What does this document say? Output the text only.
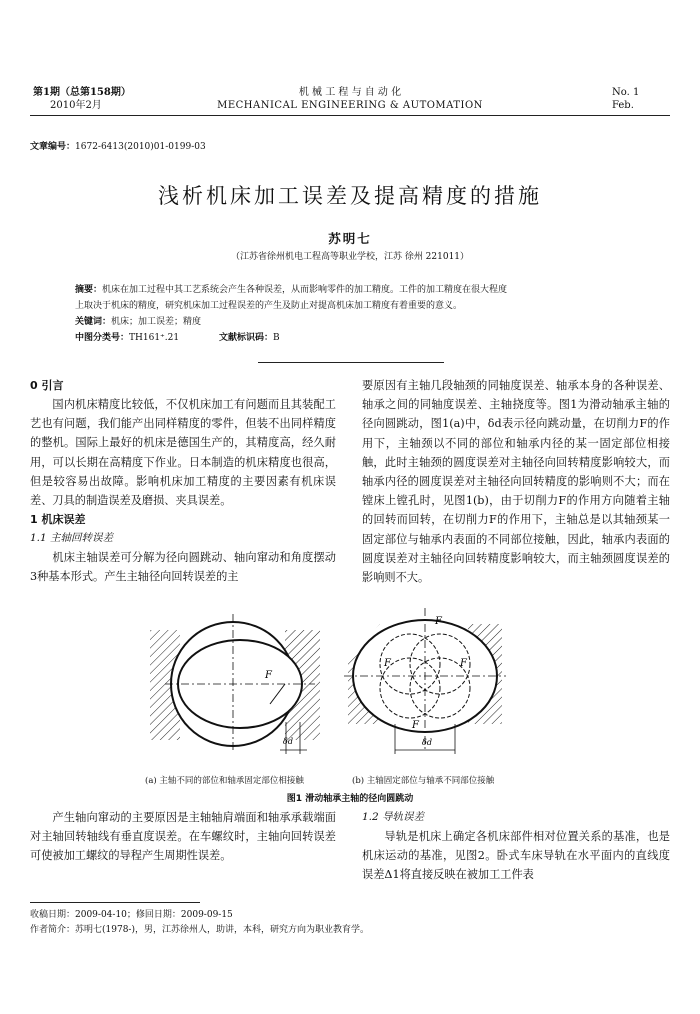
第1期（总第158期）
2010年2月
机 械 工 程 与 自 动 化
MECHANICAL ENGINEERING & AUTOMATION
No. 1
Feb.
文章编号：1672-6413(2010)01-0199-03
浅析机床加工误差及提高精度的措施
苏明七
（江苏省徐州机电工程高等职业学校，江苏 徐州 221011）
摘要：机床在加工过程中其工艺系统会产生各种误差，从而影响零件的加工精度。工件的加工精度在很大程度
上取决于机床的精度，研究机床加工过程误差的产生及防止对提高机床加工精度有着重要的意义。
关键词：机床；加工误差；精度
中图分类号：TH161⁺.21	文献标识码：B
0 引言

国内机床精度比较低，不仅机床加工有问题而且其装配工艺也有问题，我们能产出同样精度的零件，但装不出同样精度的整机。国际上最好的机床是德国生产的，其精度高，经久耐用，可以长期在高精度下作业。日本制造的机床精度也很高，但是较容易出故障。影响机床加工精度的主要因素有机床误差、刀具的制造误差及磨损、夹具误差。

1 机床误差
1.1 主轴回转误差

机床主轴误差可分解为径向圆跳动、轴向窜动和角度摆动3种基本形式。产生主轴径向回转误差的主

要原因有主轴几段轴颈的同轴度误差、轴承本身的各种误差、轴承之间的同轴度误差、主轴挠度等。图1为滑动轴承主轴的径向圆跳动，图1(a)中，δd表示径向跳动量，在切削力F的作用下，主轴颈以不同的部位和轴承内径的某一固定部位相接触，此时主轴颈的圆度误差对主轴径向回转精度影响较大，而轴承内径的圆度误差对主轴径向回转精度的影响则不大；而在镗床上镗孔时，见图1(b)，由于切削力F的作用方向随着主轴的回转而回转，在切削力F的作用下，主轴总是以其轴颈某一固定部位与轴承内表面的不同部位接触，因此，轴承内表面的圆度误差对主轴径向回转精度影响较大，而主轴颈圆度误差的影响则不大。

F
δd
F	F
F
F
δd
(a) 主轴不同的部位和轴承固定部位相接触	(b) 主轴固定部位与轴承不同部位接触
图1 滑动轴承主轴的径向圆跳动

产生轴向窜动的主要原因是主轴轴肩端面和轴承承载端面对主轴回转轴线有垂直度误差。在车螺纹时，主轴向回转误差可使被加工螺纹的导程产生周期性误差。

1.2 导轨误差

导轨是机床上确定各机床部件相对位置关系的基准，也是机床运动的基准，见图2。卧式车床导轨在水平面内的直线度误差Δ1将直接反映在被加工工件表

收稿日期：2009-04-10；修回日期：2009-09-15
作者简介：苏明七(1978-)，男，江苏徐州人，助讲，本科，研究方向为职业教育学。
